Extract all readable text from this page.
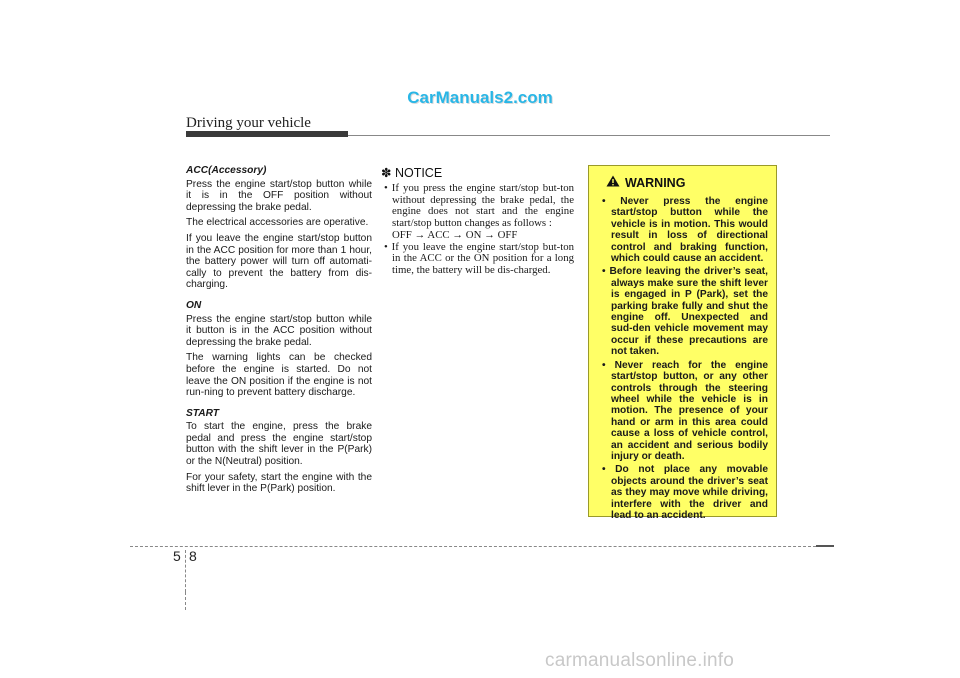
CarManuals2.com
Driving your vehicle
ACC(Accessory)

Press the engine start/stop button while it is in the OFF position without depressing the brake pedal.

The electrical accessories are operative.

If you leave the engine start/stop button in the ACC position for more than 1 hour, the battery power will turn off automati-cally to prevent the battery from dis-charging.

ON

Press the engine start/stop button while it button is in the ACC position without depressing the brake pedal.

The warning lights can be checked before the engine is started. Do not leave the ON position if the engine is not run-ning to prevent battery discharge.

START

To start the engine, press the brake pedal and press the engine start/stop button with the shift lever in the P(Park) or the N(Neutral) position.

For your safety, start the engine with the shift lever in the P(Park) position.

✽ NOTICE
• If you press the engine start/stop but-ton without depressing the brake pedal, the engine does not start and the engine start/stop button changes as follows :
OFF → ACC → ON → OFF
• If you leave the engine start/stop but-ton in the ACC or the ON position for a long time, the battery will be dis-charged.
WARNING
• Never press the engine start/stop button while the vehicle is in motion. This would result in loss of directional control and braking function, which could cause an accident.
• Before leaving the driver’s seat, always make sure the shift lever is engaged in P (Park), set the parking brake fully and shut the engine off. Unexpected and sud-den vehicle movement may occur if these precautions are not taken.
• Never reach for the engine start/stop button, or any other controls through the steering wheel while the vehicle is in motion. The presence of your hand or arm in this area could cause a loss of vehicle control, an accident and serious bodily injury or death.
• Do not place any movable objects around the driver’s seat as they may move while driving, interfere with the driver and lead to an accident.
5 8
carmanualsonline.info
